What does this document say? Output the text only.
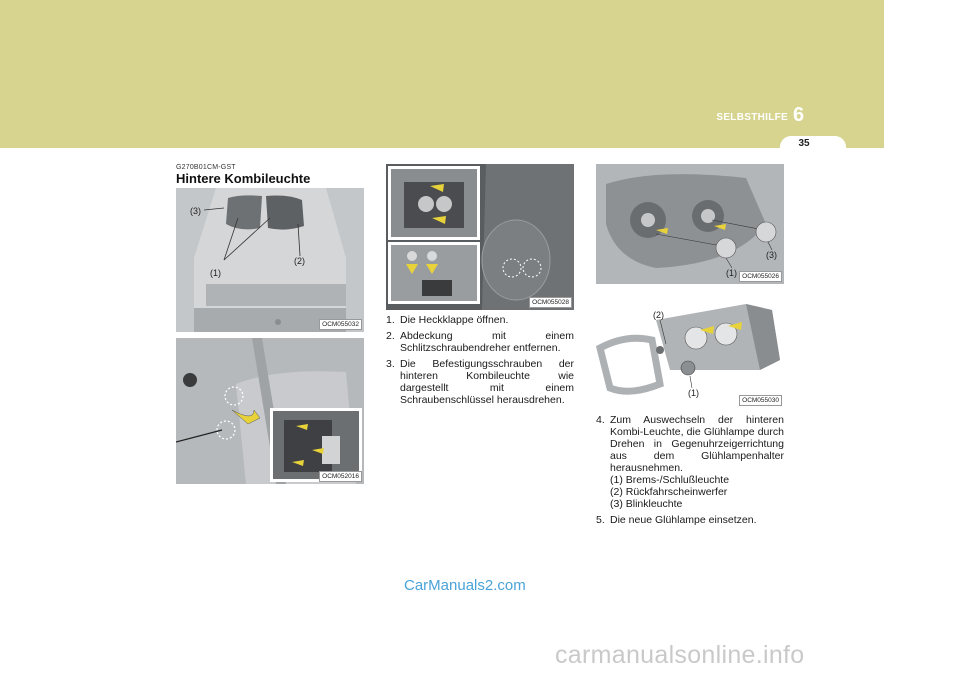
SELBSTHILFE 6
35
G270B01CM-GST
Hintere Kombileuchte
(3)
(1)
(2)
OCM055032
OCM052016
OCM055028
1. Die Heckklappe öffnen.
2. Abdeckung mit einem Schlitzschraubendreher entfernen.
3. Die Befestigungsschrauben der hinteren Kombileuchte wie dargestellt mit einem Schraubenschlüssel herausdrehen.
(3)
(1) OCM055026
(2)
(1)
OCM055030
4. Zum Auswechseln der hinteren Kombi-Leuchte, die Glühlampe durch Drehen in Gegenuhrzeigerrichtung aus dem Glühlampenhalter herausnehmen.
(1) Brems-/Schlußleuchte
(2) Rückfahrscheinwerfer
(3) Blinkleuchte
5. Die neue Glühlampe einsetzen.
CarManuals2.com
carmanualsonline.info
